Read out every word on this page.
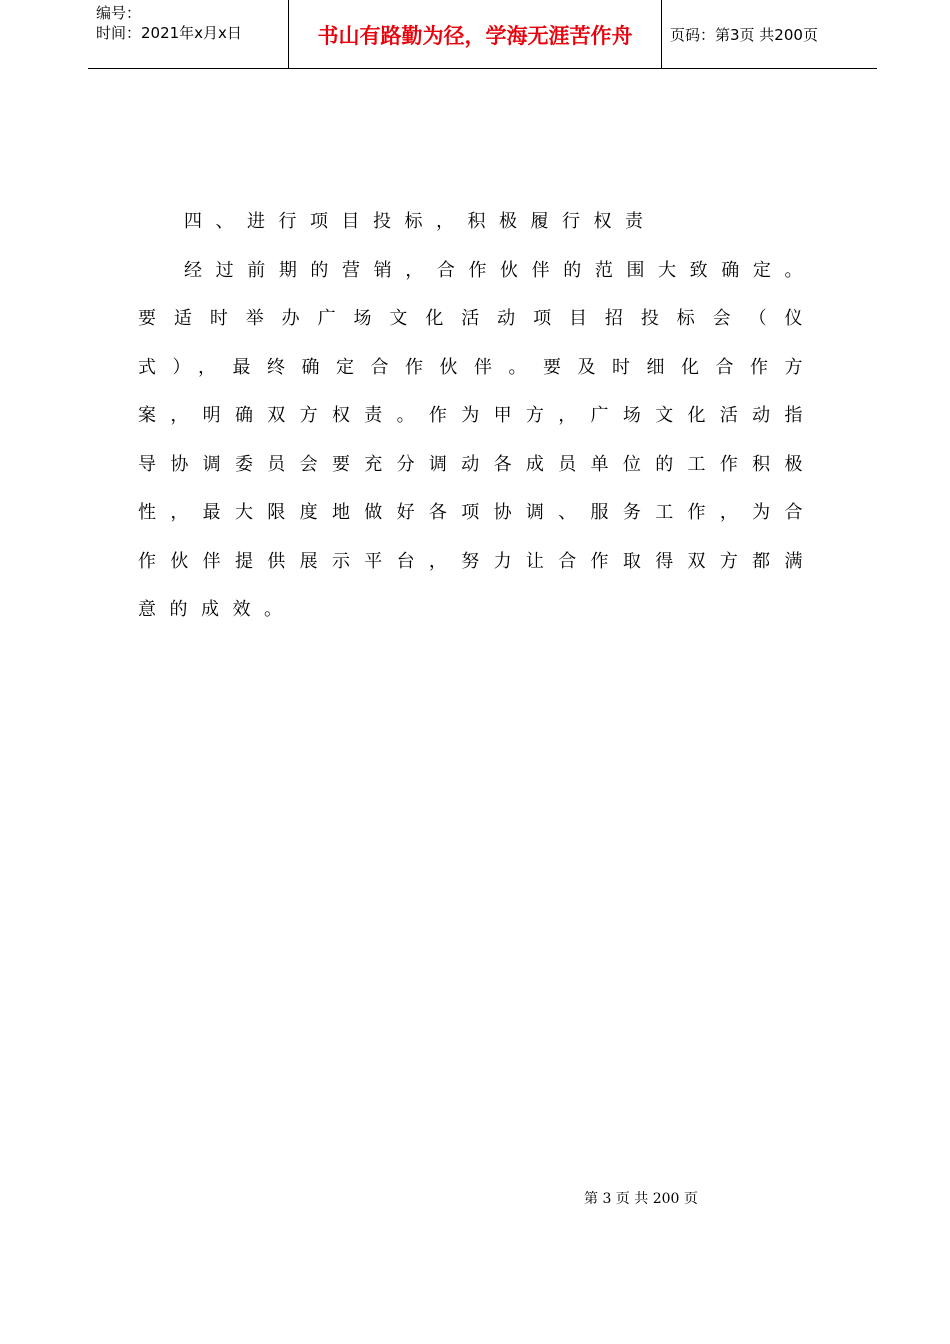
编号：
时间：2021年x月x日	书山有路勤为径，学海无涯苦作舟	页码：第3页 共200页

四、进行项目投标，积极履行权责

经过前期的营销，合作伙伴的范围大致确定。要适时举办广场文化活动项目招投标会（仪式），最终确定合作伙伴。要及时细化合作方案，明确双方权责。作为甲方，广场文化活动指导协调委员会要充分调动各成员单位的工作积极性，最大限度地做好各项协调、服务工作，为合作伙伴提供展示平台，努力让合作取得双方都满意的成效。

第 3 页 共 200 页
